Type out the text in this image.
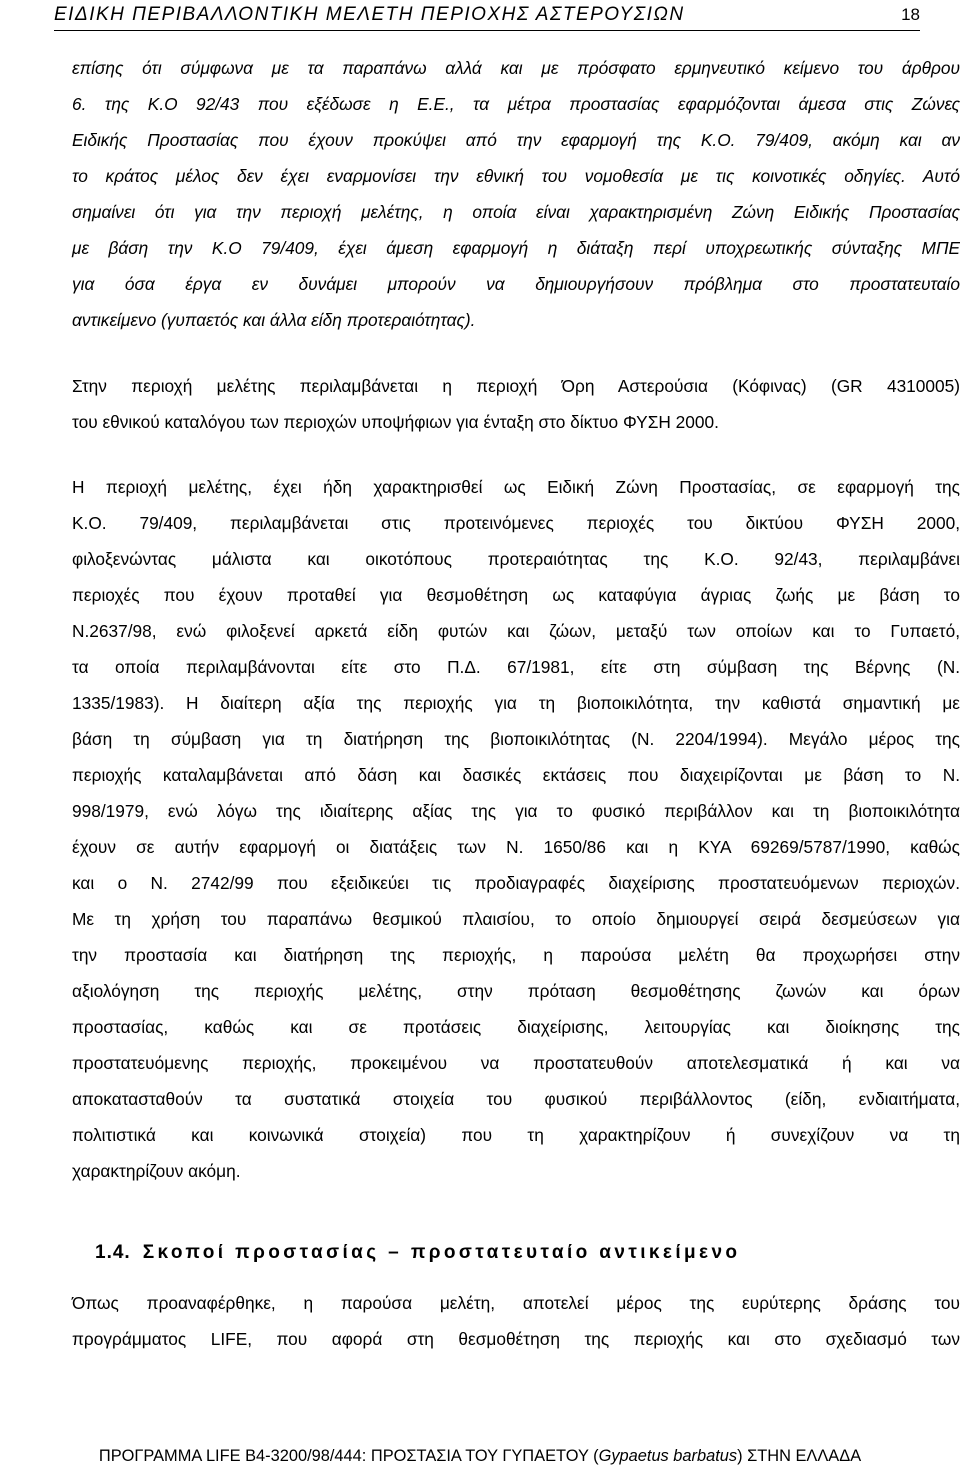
ΕΙΔΙΚΗ ΠΕΡΙΒΑΛΛΟΝΤΙΚΗ ΜΕΛΕΤΗ ΠΕΡΙΟΧΗΣ ΑΣΤΕΡΟΥΣΙΩΝ	18
επίσης ότι σύμφωνα με τα παραπάνω αλλά και με πρόσφατο ερμηνευτικό κείμενο του άρθρου
6. της Κ.Ο 92/43 που εξέδωσε η Ε.Ε., τα μέτρα προστασίας εφαρμόζονται άμεσα στις Ζώνες
Ειδικής Προστασίας που έχουν προκύψει από την εφαρμογή της Κ.Ο. 79/409, ακόμη και αν
το κράτος μέλος δεν έχει εναρμονίσει την εθνική του νομοθεσία με τις κοινοτικές οδηγίες. Αυτό
σημαίνει ότι για την περιοχή μελέτης, η οποία είναι χαρακτηρισμένη Ζώνη Ειδικής Προστασίας
με βάση την Κ.Ο 79/409, έχει άμεση εφαρμογή η διάταξη περί υποχρεωτικής σύνταξης ΜΠΕ
για όσα έργα εν δυνάμει μπορούν να δημιουργήσουν πρόβλημα στο προστατευταίο
αντικείμενο (γυπαετός και άλλα είδη προτεραιότητας).
Στην περιοχή μελέτης περιλαμβάνεται η περιοχή Όρη Αστερούσια (Κόφινας) (GR 4310005)
του εθνικού καταλόγου των περιοχών υποψήφιων για ένταξη στο δίκτυο ΦΥΣΗ 2000.
Η περιοχή μελέτης, έχει ήδη χαρακτηρισθεί ως Ειδική Ζώνη Προστασίας, σε εφαρμογή της
Κ.Ο. 79/409, περιλαμβάνεται στις προτεινόμενες περιοχές του δικτύου ΦΥΣΗ 2000,
φιλοξενώντας μάλιστα και οικοτόπους προτεραιότητας της Κ.Ο. 92/43, περιλαμβάνει
περιοχές που έχουν προταθεί για θεσμοθέτηση ως καταφύγια άγριας ζωής με βάση το
Ν.2637/98, ενώ φιλοξενεί αρκετά είδη φυτών και ζώων, μεταξύ των οποίων και το Γυπαετό,
τα οποία περιλαμβάνονται είτε στο Π.Δ. 67/1981, είτε στη σύμβαση της Βέρνης (Ν.
1335/1983). Η διαίτερη αξία της περιοχής για τη βιοποικιλότητα, την καθιστά σημαντική με
βάση τη σύμβαση για τη διατήρηση της βιοποικιλότητας (Ν. 2204/1994). Μεγάλο μέρος της
περιοχής καταλαμβάνεται από δάση και δασικές εκτάσεις που διαχειρίζονται με βάση το Ν.
998/1979, ενώ λόγω της ιδιαίτερης αξίας της για το φυσικό περιβάλλον και τη βιοποικιλότητα
έχουν σε αυτήν εφαρμογή οι διατάξεις των Ν. 1650/86 και η ΚΥΑ 69269/5787/1990, καθώς
και ο Ν. 2742/99 που εξειδικεύει τις προδιαγραφές διαχείρισης προστατευόμενων περιοχών.
Με τη χρήση του παραπάνω θεσμικού πλαισίου, το οποίο δημιουργεί σειρά δεσμεύσεων για
την προστασία και διατήρηση της περιοχής, η παρούσα μελέτη θα προχωρήσει στην
αξιολόγηση της περιοχής μελέτης, στην πρόταση θεσμοθέτησης ζωνών και όρων
προστασίας, καθώς και σε προτάσεις διαχείρισης, λειτουργίας και διοίκησης της
προστατευόμενης περιοχής, προκειμένου να προστατευθούν αποτελεσματικά ή και να
αποκατασταθούν τα συστατικά στοιχεία του φυσικού περιβάλλοντος (είδη, ενδιαιτήματα,
πολιτιστικά και κοινωνικά στοιχεία) που τη χαρακτηρίζουν ή συνεχίζουν να τη
χαρακτηρίζουν ακόμη.
1.4. Σκοποί προστασίας – προστατευταίο αντικείμενο
Όπως προαναφέρθηκε, η παρούσα μελέτη, αποτελεί μέρος της ευρύτερης δράσης του
προγράμματος LIFE, που αφορά στη θεσμοθέτηση της περιοχής και στο σχεδιασμό των
ΠΡΟΓΡΑΜΜΑ LIFE B4-3200/98/444: ΠΡΟΣΤΑΣΙΑ ΤΟΥ ΓΥΠΑΕΤΟΥ (Gypaetus barbatus) ΣΤΗΝ ΕΛΛΑΔΑ
